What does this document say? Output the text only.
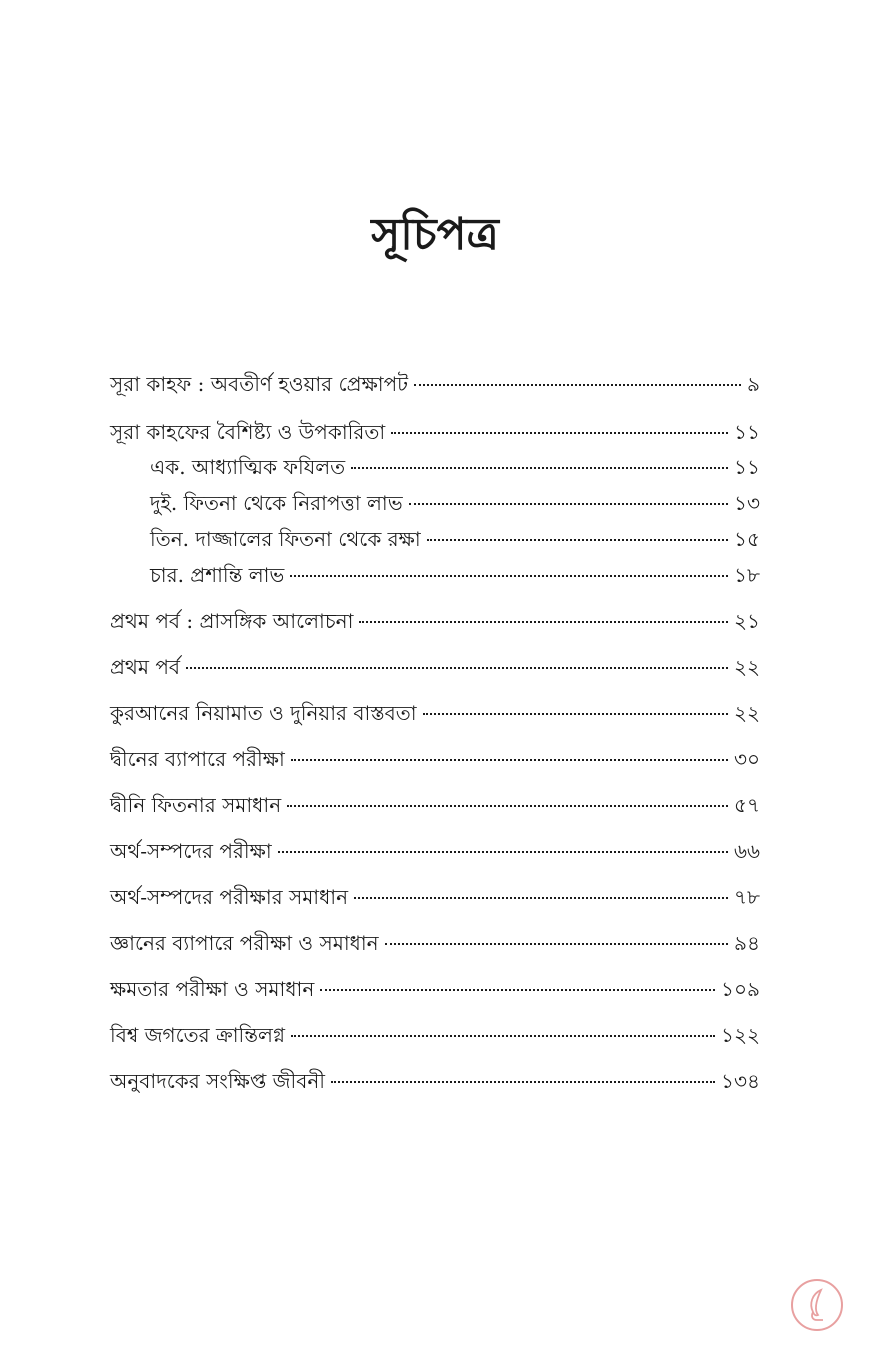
সূচিপত্র
সূরা কাহফ : অবতীর্ণ হওয়ার প্রেক্ষাপট	৯
সূরা কাহফের বৈশিষ্ট্য ও উপকারিতা	১১
এক. আধ্যাত্মিক ফযিলত	১১
দুই. ফিতনা থেকে নিরাপত্তা লাভ	১৩
তিন. দাজ্জালের ফিতনা থেকে রক্ষা	১৫
চার. প্রশান্তি লাভ	১৮
প্রথম পর্ব : প্রাসঙ্গিক আলোচনা	২১
প্রথম পর্ব	২২
কুরআনের নিয়ামাত ও দুনিয়ার বাস্তবতা	২২
দ্বীনের ব্যাপারে পরীক্ষা	৩০
দ্বীনি ফিতনার সমাধান	৫৭
অর্থ-সম্পদের পরীক্ষা	৬৬
অর্থ-সম্পদের পরীক্ষার সমাধান	৭৮
জ্ঞানের ব্যাপারে পরীক্ষা ও সমাধান	৯৪
ক্ষমতার পরীক্ষা ও সমাধান	১০৯
বিশ্ব জগতের ক্রান্তিলগ্ন	১২২
অনুবাদকের সংক্ষিপ্ত জীবনী	১৩৪
